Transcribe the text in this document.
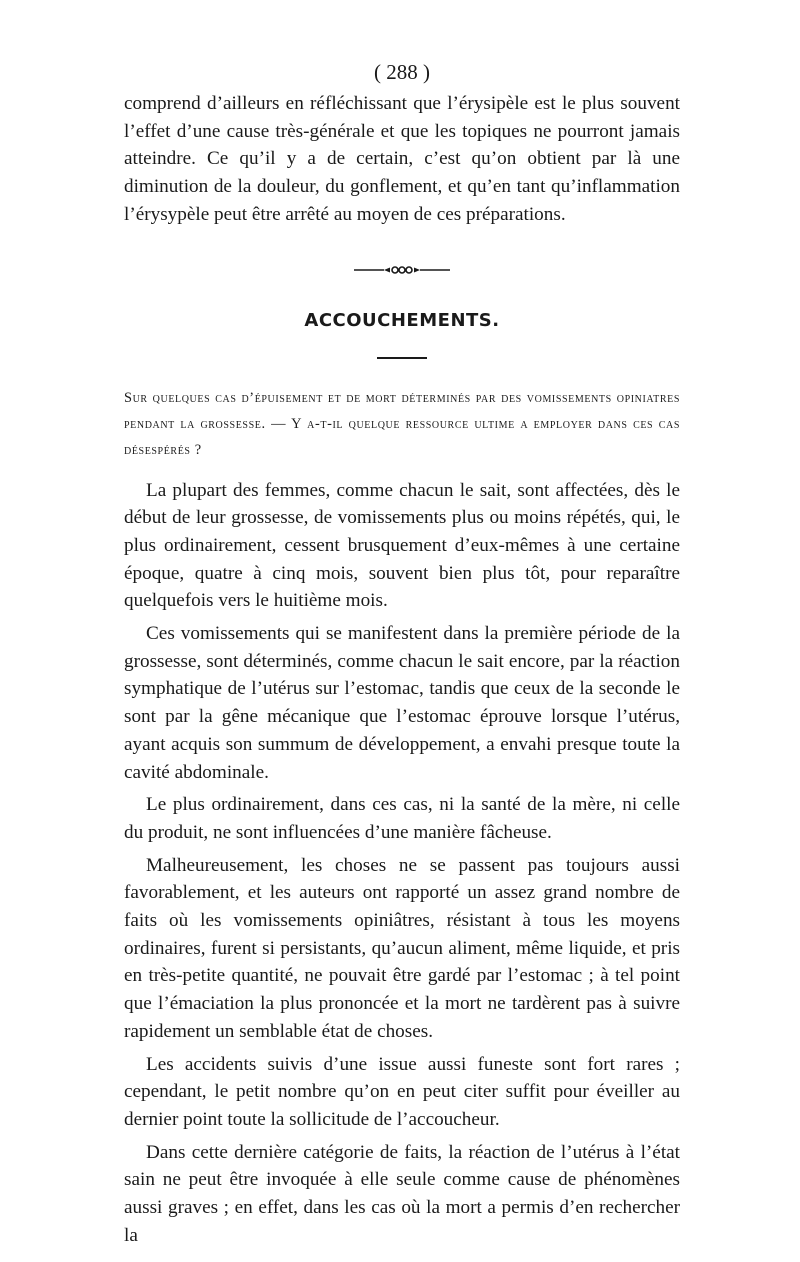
( 288 )

comprend d’ailleurs en réfléchissant que l’érysipèle est le plus souvent l’effet d’une cause très-générale et que les topiques ne pourront jamais atteindre. Ce qu’il y a de certain, c’est qu’on obtient par là une diminution de la douleur, du gonflement, et qu’en tant qu’inflammation l’érysypèle peut être arrêté au moyen de ces préparations.

ACCOUCHEMENTS.

Sur quelques cas d’épuisement et de mort déterminés par des vomissements opiniatres pendant la grossesse. — Y a-t-il quelque ressource ultime a employer dans ces cas désespérés ?

La plupart des femmes, comme chacun le sait, sont affectées, dès le début de leur grossesse, de vomissements plus ou moins répétés, qui, le plus ordinairement, cessent brusquement d’eux-mêmes à une certaine époque, quatre à cinq mois, souvent bien plus tôt, pour reparaître quelquefois vers le huitième mois.

Ces vomissements qui se manifestent dans la première période de la grossesse, sont déterminés, comme chacun le sait encore, par la réaction symphatique de l’utérus sur l’estomac, tandis que ceux de la seconde le sont par la gêne mécanique que l’estomac éprouve lorsque l’utérus, ayant acquis son summum de développement, a envahi presque toute la cavité abdominale.

Le plus ordinairement, dans ces cas, ni la santé de la mère, ni celle du produit, ne sont influencées d’une manière fâcheuse.

Malheureusement, les choses ne se passent pas toujours aussi favorablement, et les auteurs ont rapporté un assez grand nombre de faits où les vomissements opiniâtres, résistant à tous les moyens ordinaires, furent si persistants, qu’aucun aliment, même liquide, et pris en très-petite quantité, ne pouvait être gardé par l’estomac ; à tel point que l’émaciation la plus prononcée et la mort ne tardèrent pas à suivre rapidement un semblable état de choses.

Les accidents suivis d’une issue aussi funeste sont fort rares ; cependant, le petit nombre qu’on en peut citer suffit pour éveiller au dernier point toute la sollicitude de l’accoucheur.

Dans cette dernière catégorie de faits, la réaction de l’utérus à l’état sain ne peut être invoquée à elle seule comme cause de phénomènes aussi graves ; en effet, dans les cas où la mort a permis d’en rechercher la
